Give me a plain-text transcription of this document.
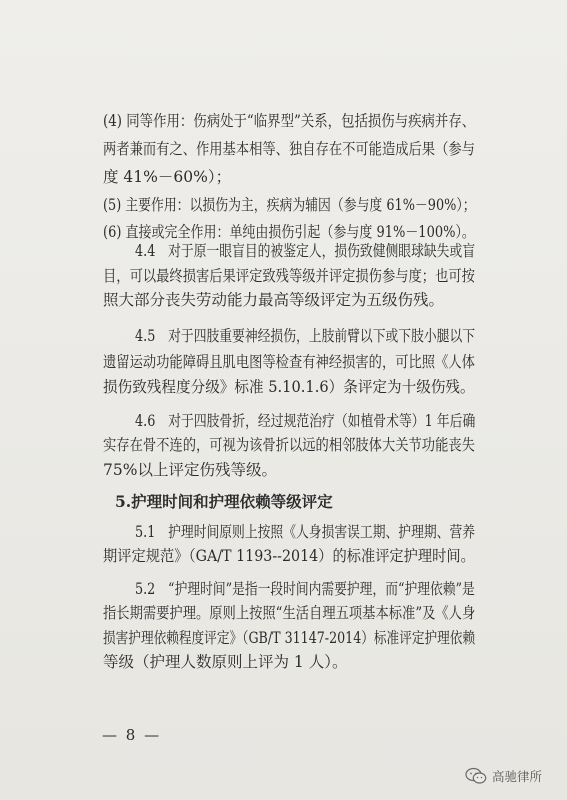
(4) 同等作用：伤病处于“临界型”关系，包括损伤与疾病并存、

两者兼而有之、作用基本相等、独自存在不可能造成后果（参与

度 41%－60%）；

(5) 主要作用：以损伤为主，疾病为辅因（参与度 61%－90%）；

(6) 直接或完全作用：单纯由损伤引起（参与度 91%－100%）。

4.4　对于原一眼盲目的被鉴定人，损伤致健侧眼球缺失或盲

目，可以最终损害后果评定致残等级并评定损伤参与度；也可按

照大部分丧失劳动能力最高等级评定为五级伤残。

4.5　对于四肢重要神经损伤，上肢前臂以下或下肢小腿以下

遗留运动功能障碍且肌电图等检查有神经损害的，可比照《人体

损伤致残程度分级》标准 5.10.1.6）条评定为十级伤残。

4.6　对于四肢骨折，经过规范治疗（如植骨术等）1 年后确

实存在骨不连的，可视为该骨折以远的相邻肢体大关节功能丧失

75%以上评定伤残等级。

5.护理时间和护理依赖等级评定

5.1　护理时间原则上按照《人身损害误工期、护理期、营养

期评定规范》（GA/T 1193--2014）的标准评定护理时间。

5.2　“护理时间”是指一段时间内需要护理，而“护理依赖”是

指长期需要护理。原则上按照“生活自理五项基本标准”及《人身

损害护理依赖程度评定》（GB/T 31147-2014）标准评定护理依赖

等级（护理人数原则上评为 1 人）。

— 8 —
高驰律所
